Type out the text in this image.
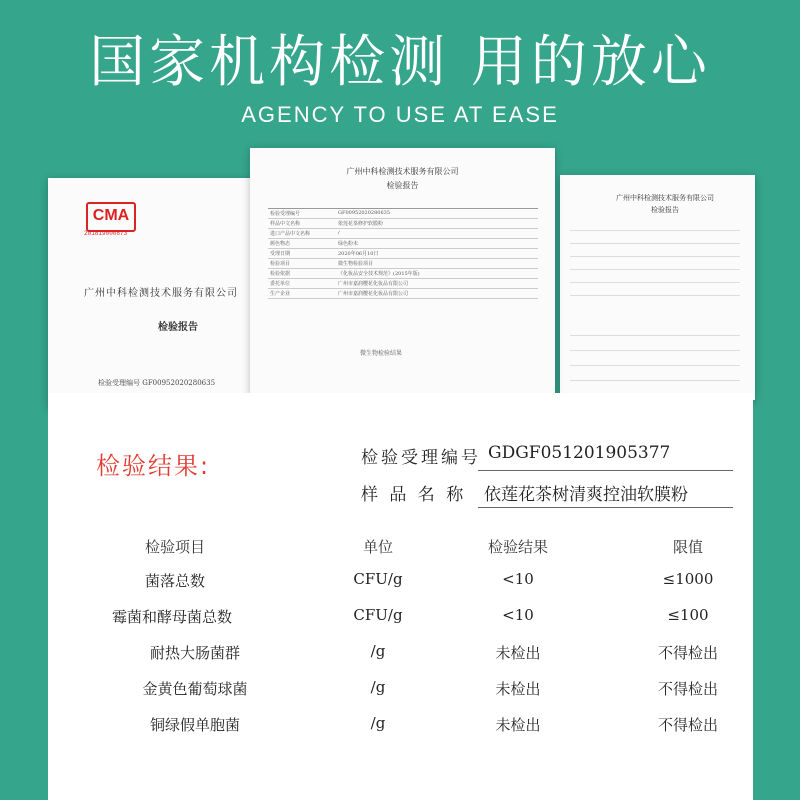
国家机构检测 用的放心
AGENCY TO USE AT EASE
CMA
201819000873
广州中科检测技术服务有限公司
检验报告
检验受理编号 GF00952020280635
广州中科检测技术服务有限公司
检验报告
广州中科检测技术服务有限公司
检验报告
检验受理编号	GF00952020280635
样品中文名称	依莲花茶修护软膜粉
进口产品中文名称	/
颜色物态	绿色粉末
受理日期	2020年06月10日
检验项目	微生物检验项目
检验依据	《化妆品安全技术规范》(2015年版)
委托单位	广州市嘉润樱花化妆品有限公司
生产企业	广州市嘉润樱花化妆品有限公司
微生物检验结果
检验结果:	检验受理编号 GDGF051201905377
样 品 名 称 依莲花茶树清爽控油软膜粉
检验项目	单位	检验结果	限值
菌落总数	CFU/g	<10	≤1000
霉菌和酵母菌总数	CFU/g	<10	≤100
耐热大肠菌群	/g	未检出	不得检出
金黄色葡萄球菌	/g	未检出	不得检出
铜绿假单胞菌	/g	未检出	不得检出
